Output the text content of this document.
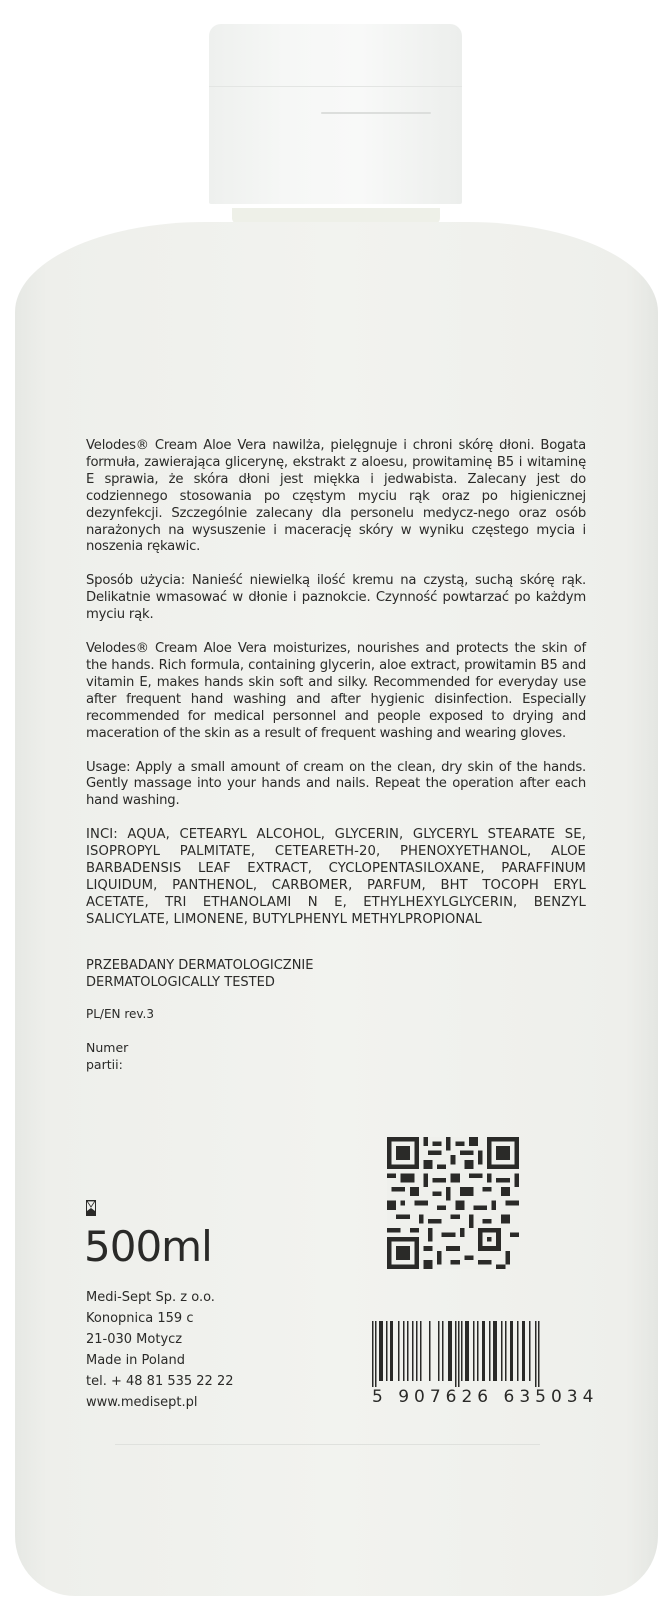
Velodes® Cream Aloe Vera nawilża, pielęgnuje i chroni skórę dłoni. Bogata formuła, zawierająca glicerynę, ekstrakt z aloesu, prowitaminę B5 i witaminę E sprawia, że skóra dłoni jest miękka i jedwabista. Zalecany jest do codziennego stosowania po częstym myciu rąk oraz po higienicznej dezynfekcji. Szczególnie zalecany dla personelu medycz-nego oraz osób narażonych na wysuszenie i macerację skóry w wyniku częstego mycia i noszenia rękawic.

Sposób użycia: Nanieść niewielką ilość kremu na czystą, suchą skórę rąk. Delikatnie wmasować w dłonie i paznokcie. Czynność powtarzać po każdym myciu rąk.

Velodes® Cream Aloe Vera moisturizes, nourishes and protects the skin of the hands. Rich formula, containing glycerin, aloe extract, prowitamin B5 and vitamin E, makes hands skin soft and silky. Recommended for everyday use after frequent hand washing and after hygienic disinfection. Especially recommended for medical personnel and people exposed to drying and maceration of the skin as a result of frequent washing and wearing gloves.

Usage: Apply a small amount of cream on the clean, dry skin of the hands. Gently massage into your hands and nails. Repeat the operation after each hand washing.

INCI: AQUA, CETEARYL ALCOHOL, GLYCERIN, GLYCERYL STEARATE SE, ISOPROPYL PALMITATE, CETEARETH-20, PHENOXYETHANOL, ALOE BARBADENSIS LEAF EXTRACT, CYCLOPENTASILOXANE, PARAFFINUM LIQUIDUM, PANTHENOL, CARBOMER, PARFUM, BHT TOCOPH ERYL ACETATE, TRI ETHANOLAMI N E, ETHYLHEXYLGLYCERIN, BENZYL SALICYLATE, LIMONENE, BUTYLPHENYL METHYLPROPIONAL

PRZEBADANY DERMATOLOGICZNIE
DERMATOLOGICALLY TESTED
PL/EN rev.3
Numer
partii:
500ml
Medi-Sept Sp. z o.o.
Konopnica 159 c
21-030 Motycz
Made in Poland
tel. + 48 81 535 22 22
www.medisept.pl	5 907626 635034
